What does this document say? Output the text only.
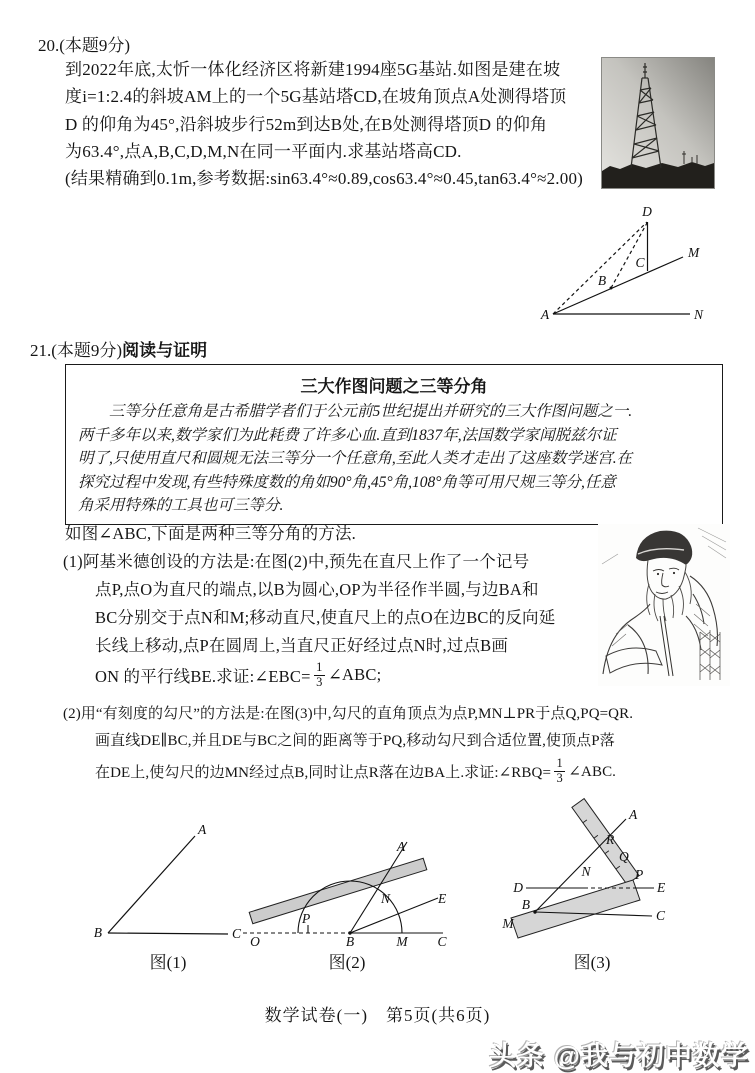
20.(本题9分)
到2022年底,太忻一体化经济区将新建1994座5G基站.如图是建在坡
度i=1:2.4的斜坡AM上的一个5G基站塔CD,在坡角顶点A处测得塔顶
D 的仰角为45°,沿斜坡步行52m到达B处,在B处测得塔顶D 的仰角
为63.4°,点A,B,C,D,M,N在同一平面内.求基站塔高CD.
(结果精确到0.1m,参考数据:sin63.4°≈0.89,cos63.4°≈0.45,tan63.4°≈2.00)
D
M
C
B
A	N
21.(本题9分)阅读与证明
三大作图问题之三等分角
　　三等分任意角是古希腊学者们于公元前5世纪提出并研究的三大作图问题之一.
两千多年以来,数学家们为此耗费了许多心血.直到1837年,法国数学家闻脱兹尔证
明了,只使用直尺和圆规无法三等分一个任意角,至此人类才走出了这座数学迷宫.在
探究过程中发现,有些特殊度数的角如90°角,45°角,108°角等可用尺规三等分,任意
角采用特殊的工具也可三等分.
如图∠ABC,下面是两种三等分角的方法.
(1)阿基米德创设的方法是:在图(2)中,预先在直尺上作了一个记号
点P,点O为直尺的端点,以B为圆心,OP为半径作半圆,与边BA和
BC分别交于点N和M;移动直尺,使直尺上的点O在边BC的反向延
长线上移动,点P在圆周上,当直尺正好经过点N时,过点B画
ON 的平行线BE.求证:∠EBC= $\frac{1}{3}$ ∠ABC;
(2)用“有刻度的勾尺”的方法是:在图(3)中,勾尺的直角顶点为点P,MN⊥PR于点Q,PQ=QR.
画直线DE∥BC,并且DE与BC之间的距离等于PQ,移动勾尺到合适位置,使顶点P落
在DE上,使勾尺的边MN经过点B,同时让点R落在边BA上.求证:∠RBQ= $\frac{1}{3}$ ∠ABC.
A
B	C
A
E
N
P
O	B	M C
A
R
Q
N	P
D	E
B
M
C
图(1)	图(2)	图(3)
数学试卷(一)　第5页(共6页)
头条 @我与初中数学
